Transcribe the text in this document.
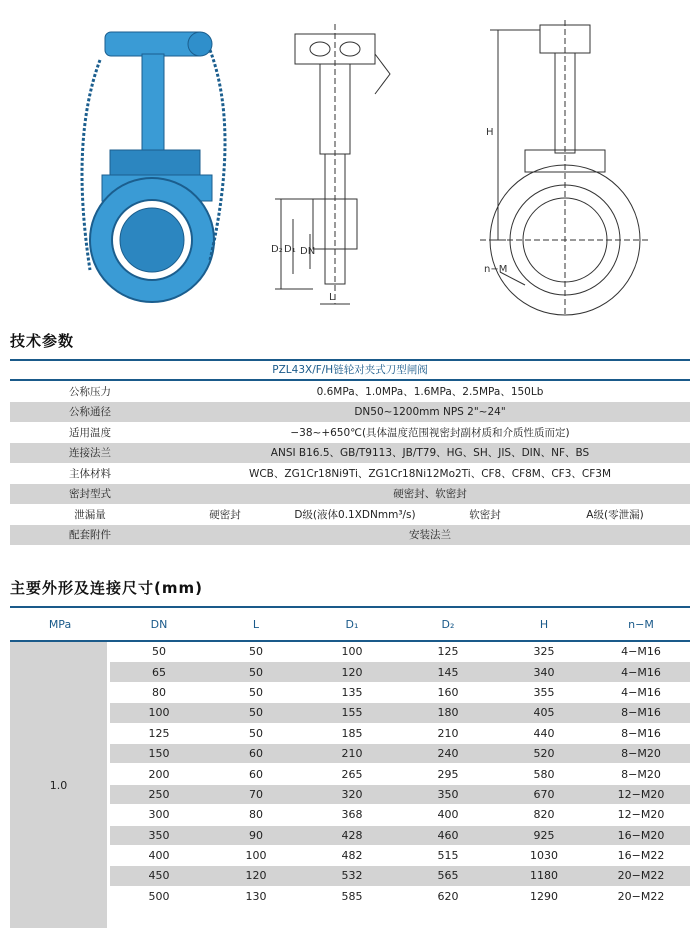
D₂ D₁ DN
L
H
n−M
技术参数
PZL43X/F/H链轮对夹式刀型闸阀
公称压力	0.6MPa、1.0MPa、1.6MPa、2.5MPa、150Lb
公称通径	DN50~1200mm NPS 2"~24"
适用温度	−38~+650℃(具体温度范围视密封副材质和介质性质而定)
连接法兰	ANSI B16.5、GB/T9113、JB/T79、HG、SH、JIS、DIN、NF、BS
主体材料	WCB、ZG1Cr18Ni9Ti、ZG1Cr18Ni12Mo2Ti、CF8、CF8M、CF3、CF3M
密封型式	硬密封、软密封
泄漏量	硬密封	D级(液体0.1XDNmm³/s)	软密封	A级(零泄漏)
配套附件	安装法兰
主要外形及连接尺寸(mm)
MPa	DN	L	D₁	D₂	H	n−M
1.0
50	50	100	125	325	4−M16
65	50	120	145	340	4−M16
80	50	135	160	355	4−M16
100	50	155	180	405	8−M16
125	50	185	210	440	8−M16
150	60	210	240	520	8−M20
200	60	265	295	580	8−M20
250	70	320	350	670	12−M20
300	80	368	400	820	12−M20
350	90	428	460	925	16−M20
400	100	482	515	1030	16−M22
450	120	532	565	1180	20−M22
500	130	585	620	1290	20−M22
